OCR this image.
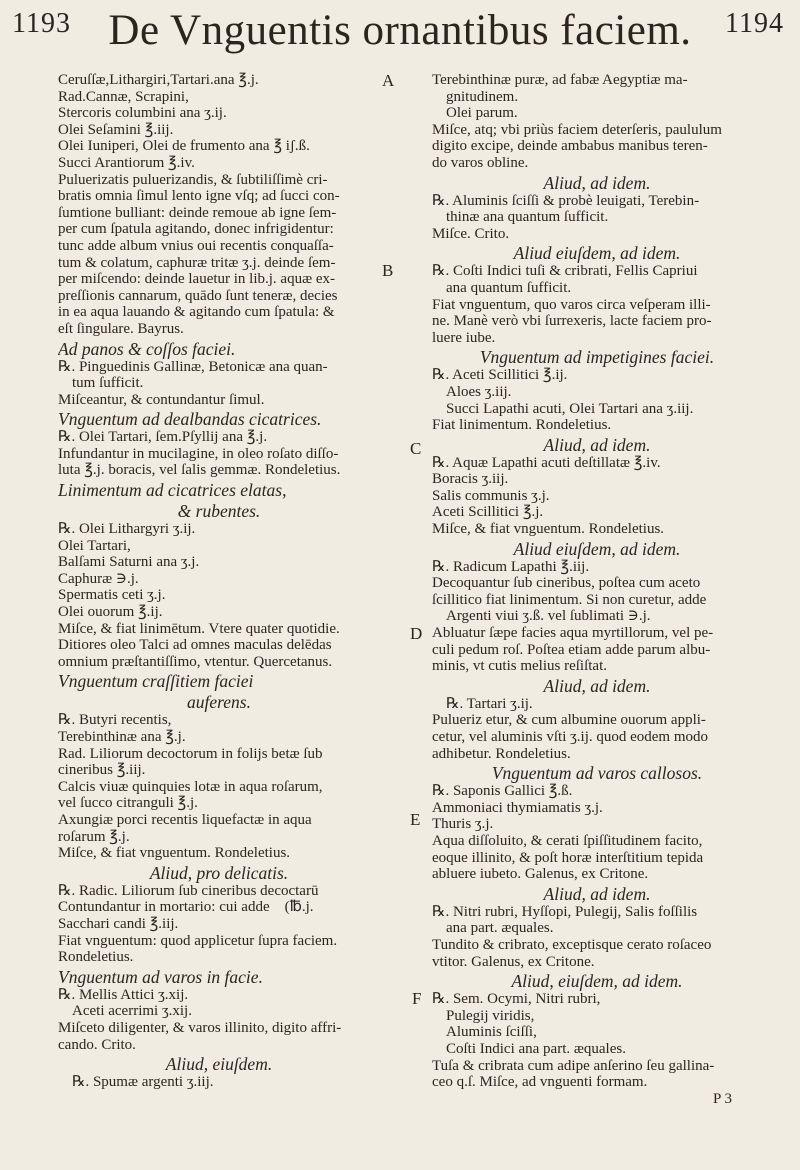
1193 De Vnguentis ornantibus faciem.	1194
Ceruſſæ,Lithargiri,Tartari.ana ℥.j.
Rad.Cannæ, Scrapini,
Stercoris columbini ana ʒ.ij.
Olei Seſamini ℥.iij.
Olei Iuniperi, Olei de frumento ana ℥ iʃ.ß.
Succi Arantiorum ℥.iv.
Puluerizatis puluerizandis, & ſubtiliſſimè cri-
bratis omnia ſimul lento igne vſq; ad ſucci con-
ſumtione bulliant: deinde remoue ab igne ſem-
per cum ſpatula agitando, donec infrigidentur:
tunc adde album vnius oui recentis conquaſſa-
tum & colatum, caphuræ tritæ ʒ.j. deinde ſem-
per miſcendo: deinde lauetur in lib.j. aquæ ex-
preſſionis cannarum, quādo ſunt teneræ, decies
in ea aqua lauando & agitando cum ſpatula: &
eſt ſingulare. Bayrus.
Ad panos & coſſos faciei.
℞. Pinguedinis Gallinæ, Betonicæ ana quan-
tum ſufficit.
Miſceantur, & contundantur ſimul.
Vnguentum ad dealbandas cicatrices.
℞. Olei Tartari, ſem.Pſyllij ana ℥.j.
Infundantur in mucilagine, in oleo roſato diſſo-
luta ℥.j. boracis, vel ſalis gemmæ. Rondeletius.
Linimentum ad cicatrices elatas,
& rubentes.
℞. Olei Lithargyri ʒ.ij.
Olei Tartari,
Balſami Saturni ana ʒ.j.
Caphuræ ∋.j.
Spermatis ceti ʒ.j.
Olei ouorum ℥.ij.
Miſce, & fiat linimētum. Vtere quater quotidie.
Ditiores oleo Talci ad omnes maculas delēdas
omnium præſtantiſſimo, vtentur. Quercetanus.
Vnguentum craſſitiem faciei
auferens.
℞. Butyri recentis,
Terebinthinæ ana ℥.j.
Rad. Liliorum decoctorum in folijs betæ ſub
cineribus ℥.iij.
Calcis viuæ quinquies lotæ in aqua roſarum,
vel ſucco citranguli ℥.j.
Axungiæ porci recentis liquefactæ in aqua
roſarum ℥.j.
Miſce, & fiat vnguentum. Rondeletius.
Aliud, pro delicatis.
℞. Radic. Liliorum ſub cineribus decoctarū
Contundantur in mortario: cui adde    (℔.j.
Sacchari candi ℥.iij.
Fiat vnguentum: quod applicetur ſupra faciem.
Rondeletius.
Vnguentum ad varos in facie.
℞. Mellis Attici ʒ.xij.
Aceti acerrimi ʒ.xij.
Miſceto diligenter, & varos illinito, digito affri-
cando. Crito.
Aliud, eiuſdem.
℞. Spumæ argenti ʒ.iij.
Terebinthinæ puræ, ad fabæ Aegyptiæ ma-
gnitudinem.
Olei parum.
Miſce, atq; vbi priùs faciem deterſeris, paululum
digito excipe, deinde ambabus manibus teren-
do varos obline.
Aliud, ad idem.
℞. Aluminis ſciſſi & probè leuigati, Terebin-
thinæ ana quantum ſufficit.
Miſce. Crito.
Aliud eiuſdem, ad idem.
℞. Coſti Indici tuſi & cribrati, Fellis Capriui
ana quantum ſufficit.
Fiat vnguentum, quo varos circa veſperam illi-
ne. Manè verò vbi ſurrexeris, lacte faciem pro-
luere iube.
Vnguentum ad impetigines faciei.
℞. Aceti Scillitici ℥.ij.
Aloes ʒ.iij.
Succi Lapathi acuti, Olei Tartari ana ʒ.iij.
Fiat linimentum. Rondeletius.
Aliud, ad idem.
℞. Aquæ Lapathi acuti deſtillatæ ℥.iv.
Boracis ʒ.iij.
Salis communis ʒ.j.
Aceti Scillitici ℥.j.
Miſce, & fiat vnguentum. Rondeletius.
Aliud eiuſdem, ad idem.
℞. Radicum Lapathi ℥.iij.
Decoquantur ſub cineribus, poſtea cum aceto
ſcillitico fiat linimentum. Si non curetur, adde
Argenti viui ʒ.ß. vel ſublimati ∋.j.
Abluatur ſæpe facies aqua myrtillorum, vel pe-
culi pedum roſ. Poſtea etiam adde parum albu-
minis, vt cutis melius reſiſtat.
Aliud, ad idem.
℞. Tartari ʒ.ij.
Pulueriz etur, & cum albumine ouorum appli-
cetur, vel aluminis vſti ʒ.ij. quod eodem modo
adhibetur. Rondeletius.
Vnguentum ad varos callosos.
℞. Saponis Gallici ℥.ß.
Ammoniaci thymiamatis ʒ.j.
Thuris ʒ.j.
Aqua diſſoluito, & cerati ſpiſſitudinem facito,
eoque illinito, & poſt horæ interſtitium tepida
abluere iubeto. Galenus, ex Critone.
Aliud, ad idem.
℞. Nitri rubri, Hyſſopi, Pulegij, Salis foſſilis
ana part. æquales.
Tundito & cribrato, exceptisque cerato roſaceo
vtitor. Galenus, ex Critone.
Aliud, eiuſdem, ad idem.
℞. Sem. Ocymi, Nitri rubri,
Pulegij viridis,
Aluminis ſciſſi,
Coſti Indici ana part. æquales.
Tuſa & cribrata cum adipe anſerino ſeu gallina-
ceo q.ſ. Miſce, ad vnguenti formam.
P 3
A
B
C
D
E
F
